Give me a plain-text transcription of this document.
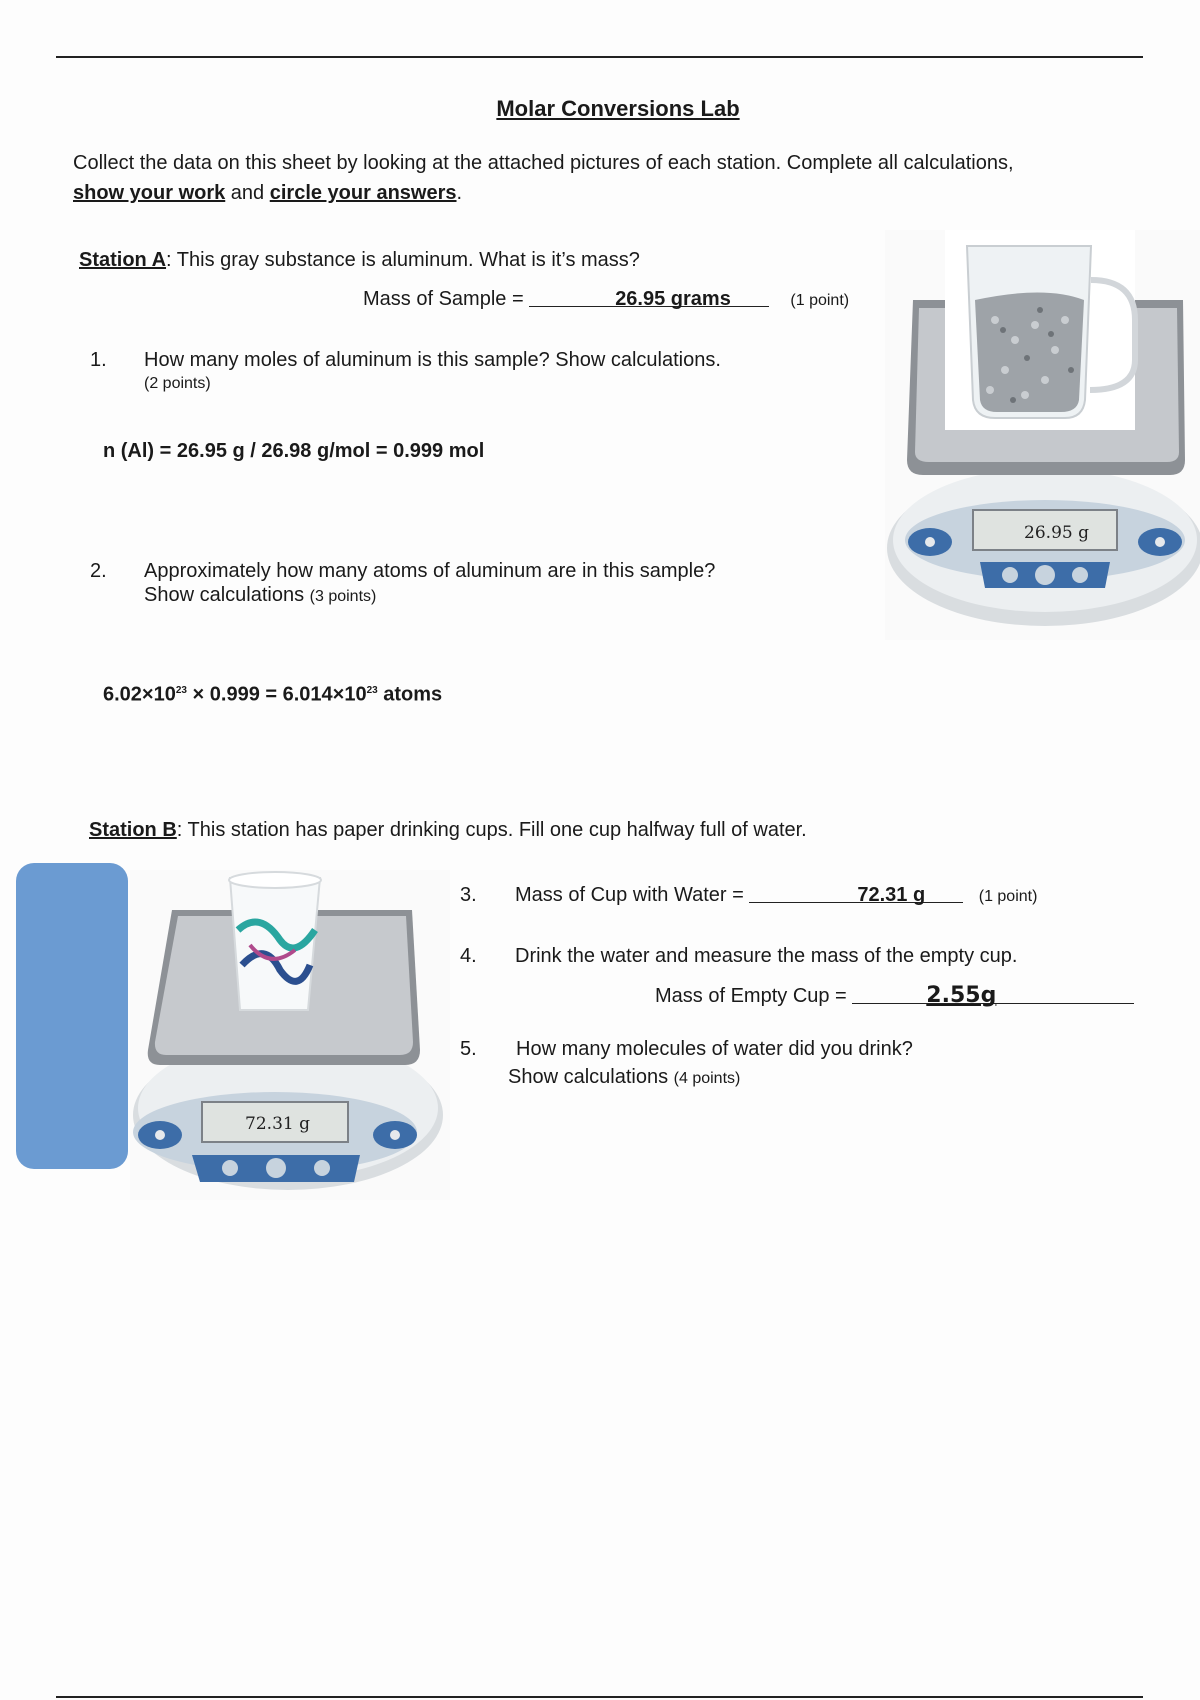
Molar Conversions Lab
Collect the data on this sheet by looking at the attached pictures of each station. Complete all calculations,
show your work and circle your answers.
Station A: This gray substance is aluminum. What is it’s mass?
Mass of Sample =	26.95 grams	(1 point)
1. How many moles of aluminum is this sample? Show calculations.
(2 points)
n (Al) = 26.95 g / 26.98 g/mol = 0.999 mol
2. Approximately how many atoms of aluminum are in this sample?
Show calculations (3 points)
$6.02\times 10^{23} \times 0.999 = 6.014\times 10^{23}$ atoms
26.95 g
Station B: This station has paper drinking cups. Fill one cup halfway full of water.
72.31 g
3. Mass of Cup with Water =	72.31 g	(1 point)
4. Drink the water and measure the mass of the empty cup.
Mass of Empty Cup =	2.55g
5. How many molecules of water did you drink?
Show calculations (4 points)
